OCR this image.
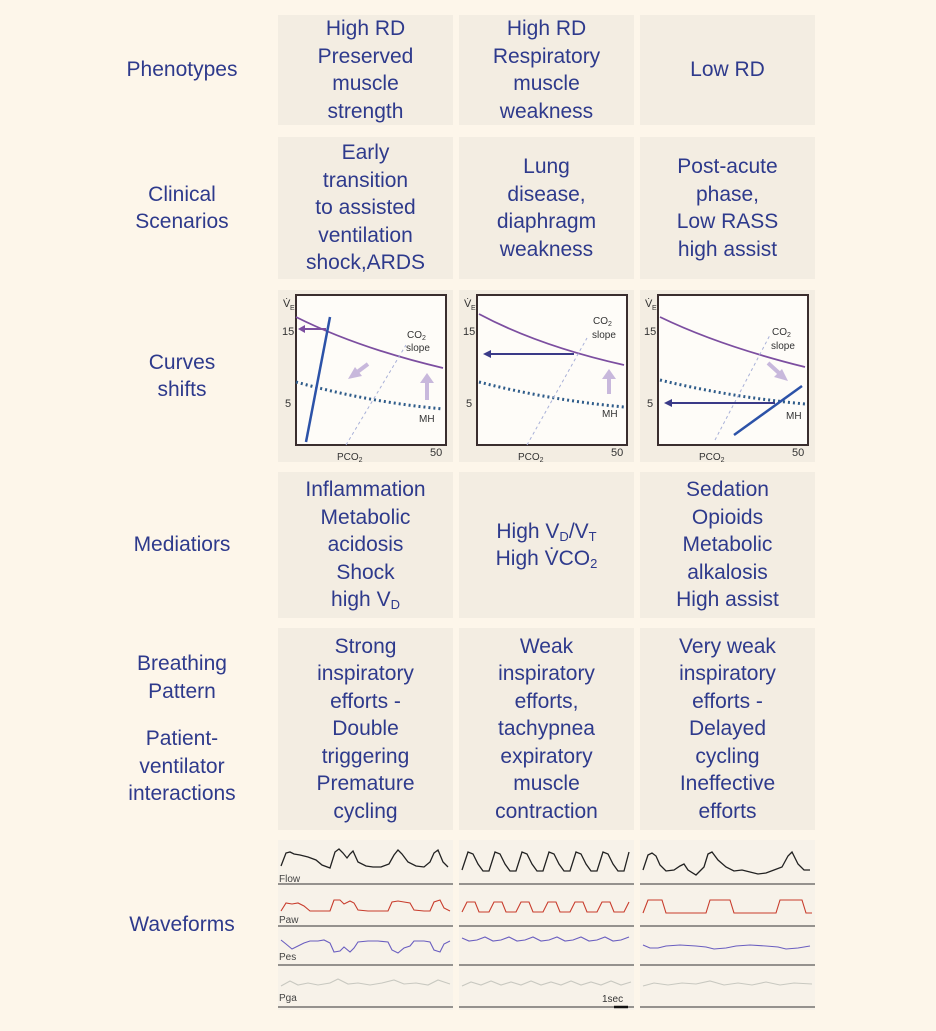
Phenotypes
Clinical
Scenarios
Curves
shifts
Mediatiors
Breathing
Pattern
Patient-
ventilator
interactions
Waveforms
High RD
Preserved
muscle
strength
High RD
Respiratory
muscle
weakness
Low RD
Early
transition
to assisted
ventilation
shock,ARDS
Lung
disease,
diaphragm
weakness
Post-acute
phase,
Low RASS
high assist
V̇ E
15
5
50
$PCO_2$
$CO_2$
slope
MH
V̇ E
15
5
50
$PCO_2$
$CO_2$
slope
MH
V̇ E
15
5
50
$PCO_2$
$CO_2$
slope
MH
Inflammation
Metabolic
acidosis
Shock
high $V_D$
High $V_D/V_T$
High $V̇CO_2$
Sedation
Opioids
Metabolic
alkalosis
High assist
Strong
inspiratory
efforts -
Double
triggering
Premature
cycling
Weak
inspiratory
efforts,
tachypnea
expiratory
muscle
contraction
Very weak
inspiratory
efforts -
Delayed
cycling
Ineffective
efforts
Flow
Paw
Pes
Pga	1sec
